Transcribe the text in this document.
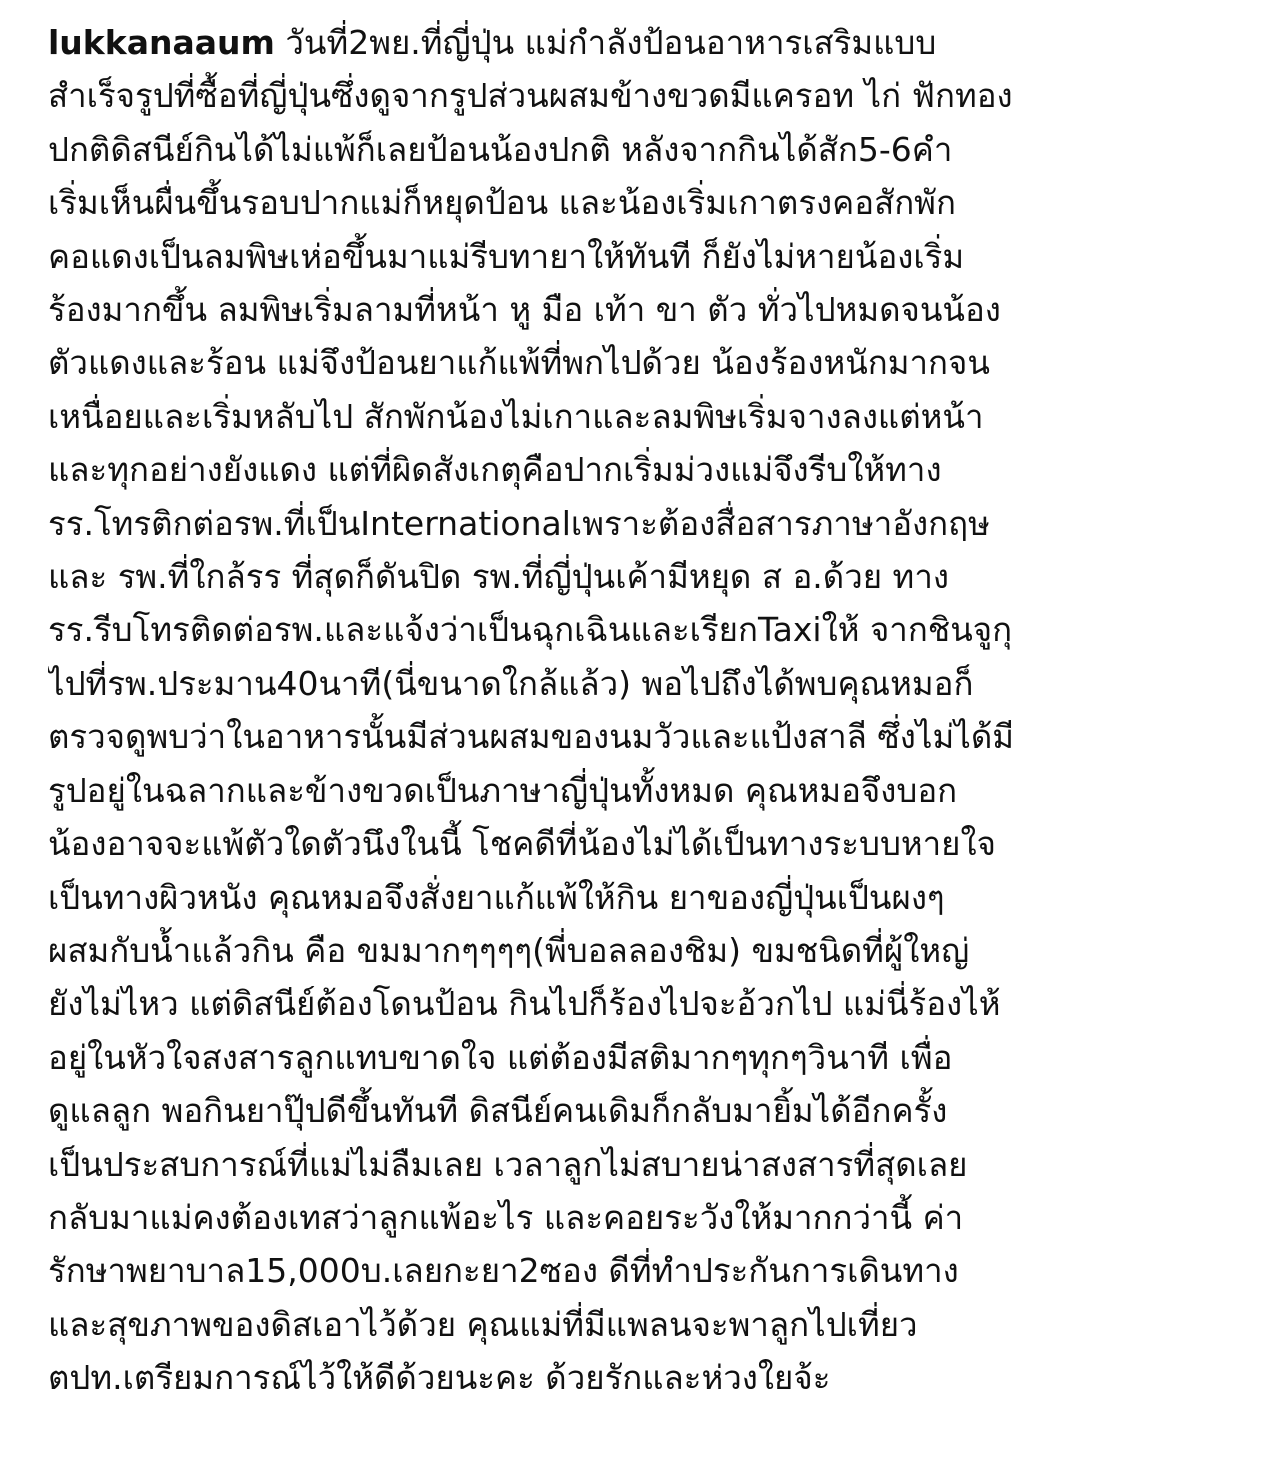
lukkanaaum วันที่2พย.ที่ญี่ปุ่น แม่กำลังป้อนอาหารเสริมแบบ
สำเร็จรูปที่ซื้อที่ญี่ปุ่นซึ่งดูจากรูปส่วนผสมข้างขวดมีแครอท ไก่ ฟักทอง
ปกติดิสนีย์กินได้ไม่แพ้ก็เลยป้อนน้องปกติ หลังจากกินได้สัก5-6คำ
เริ่มเห็นผื่นขึ้นรอบปากแม่ก็หยุดป้อน และน้องเริ่มเกาตรงคอสักพัก
คอแดงเป็นลมพิษเห่อขึ้นมาแม่รีบทายาให้ทันที ก็ยังไม่หายน้องเริ่ม
ร้องมากขึ้น ลมพิษเริ่มลามที่หน้า หู มือ เท้า ขา ตัว ทั่วไปหมดจนน้อง
ตัวแดงและร้อน แม่จึงป้อนยาแก้แพ้ที่พกไปด้วย น้องร้องหนักมากจน
เหนื่อยและเริ่มหลับไป สักพักน้องไม่เกาและลมพิษเริ่มจางลงแต่หน้า
และทุกอย่างยังแดง แต่ที่ผิดสังเกตุคือปากเริ่มม่วงแม่จึงรีบให้ทาง
รร.โทรติกต่อรพ.ที่เป็นInternationalเพราะต้องสื่อสารภาษาอังกฤษ
และ รพ.ที่ใกล้รร ที่สุดก็ดันปิด รพ.ที่ญี่ปุ่นเค้ามีหยุด ส อ.ด้วย ทาง
รร.รีบโทรติดต่อรพ.และแจ้งว่าเป็นฉุกเฉินและเรียกTaxiให้ จากชินจูกุ
ไปที่รพ.ประมาน40นาที(นี่ขนาดใกล้แล้ว) พอไปถึงได้พบคุณหมอก็
ตรวจดูพบว่าในอาหารนั้นมีส่วนผสมของนมวัวและแป้งสาลี ซึ่งไม่ได้มี
รูปอยู่ในฉลากและข้างขวดเป็นภาษาญี่ปุ่นทั้งหมด คุณหมอจึงบอก
น้องอาจจะแพ้ตัวใดตัวนึงในนี้ โชคดีที่น้องไม่ได้เป็นทางระบบหายใจ
เป็นทางผิวหนัง คุณหมอจึงสั่งยาแก้แพ้ให้กิน ยาของญี่ปุ่นเป็นผงๆ
ผสมกับน้ำแล้วกิน คือ ขมมากๆๆๆๆ(พี่บอลลองชิม) ขมชนิดที่ผู้ใหญ่
ยังไม่ไหว แต่ดิสนีย์ต้องโดนป้อน กินไปก็ร้องไปจะอ้วกไป แม่นี่ร้องไห้
อยู่ในหัวใจสงสารลูกแทบขาดใจ แต่ต้องมีสติมากๆทุกๆวินาที เพื่อ
ดูแลลูก พอกินยาปุ๊ปดีขึ้นทันที ดิสนีย์คนเดิมก็กลับมายิ้มได้อีกครั้ง
เป็นประสบการณ์ที่แม่ไม่ลืมเลย เวลาลูกไม่สบายน่าสงสารที่สุดเลย
กลับมาแม่คงต้องเทสว่าลูกแพ้อะไร และคอยระวังให้มากกว่านี้ ค่า
รักษาพยาบาล15,000บ.เลยกะยา2ซอง ดีที่ทำประกันการเดินทาง
และสุขภาพของดิสเอาไว้ด้วย คุณแม่ที่มีแพลนจะพาลูกไปเที่ยว
ตปท.เตรียมการณ์ไว้ให้ดีด้วยนะคะ ด้วยรักและห่วงใยจ้ะ
